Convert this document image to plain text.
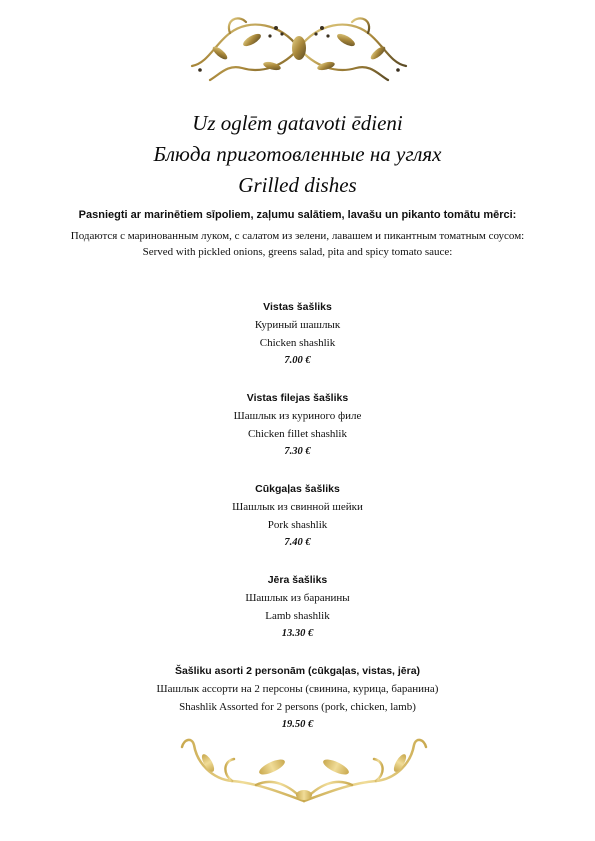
Uz oglēm gatavoti ēdieni
Блюда приготовленные на углях
Grilled dishes
Pasniegti ar marinētiem sīpoliem, zaļumu salātiem, lavašu un pikanto tomātu mērci:
Подаются с маринованным луком, с салатом из зелени, лавашем и пикантным томатным соусом:
Served with pickled onions, greens salad, pita and spicy tomato sauce:
Vistas šašliks
Куриный шашлык
Chicken shashlik
7.00 €
Vistas filejas šašliks
Шашлык из куриного филе
Chicken fillet shashlik
7.30 €
Cūkgaļas šašliks
Шашлык из свинной шейки
Pork shashlik
7.40 €
Jēra šašliks
Шашлык из баранины
Lamb shashlik
13.30 €
Šašliku asorti 2 personām (cūkgaļas, vistas, jēra)
Шашлык ассорти на 2 персоны (свинина, курица, баранина)
Shashlik Assorted for 2 persons (pork, chicken, lamb)
19.50 €
